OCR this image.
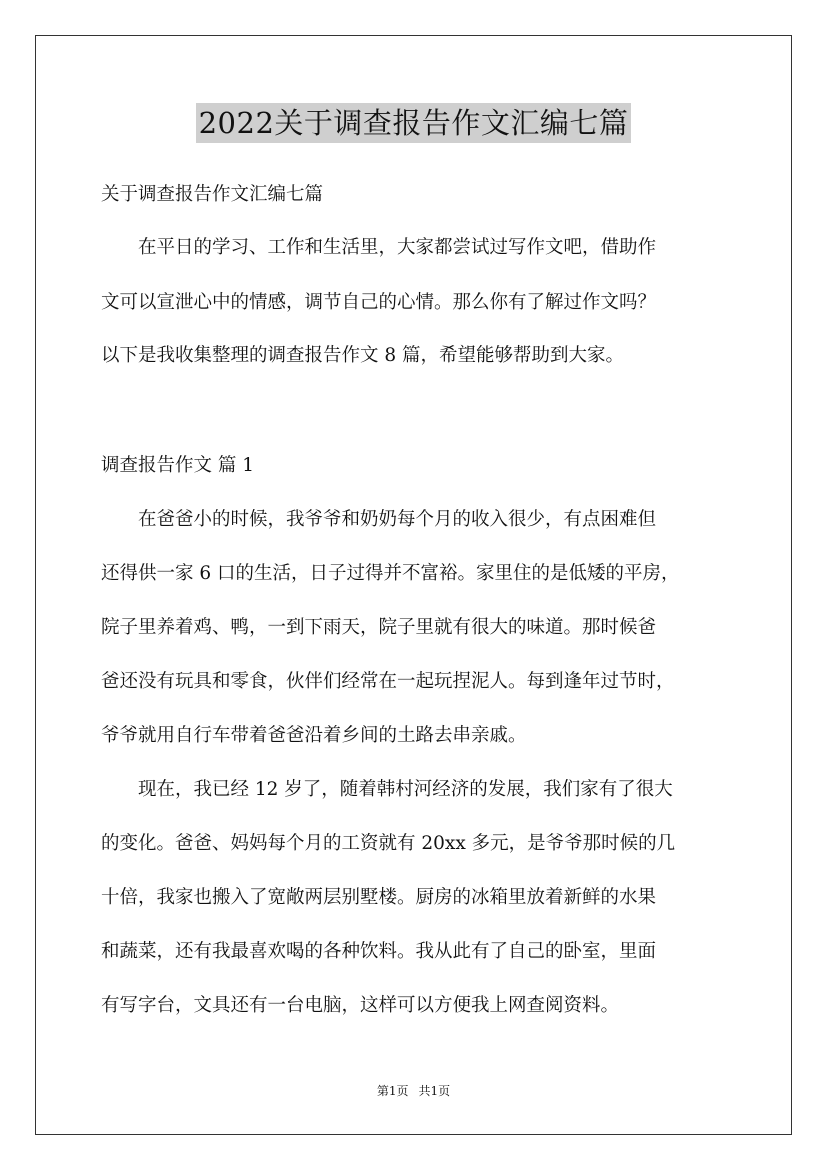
2022关于调查报告作文汇编七篇
关于调查报告作文汇编七篇
　　在平日的学习、工作和生活里，大家都尝试过写作文吧，借助作
文可以宣泄心中的情感，调节自己的心情。那么你有了解过作文吗？
以下是我收集整理的调查报告作文 8 篇，希望能够帮助到大家。
调查报告作文 篇 1
　　在爸爸小的时候，我爷爷和奶奶每个月的收入很少，有点困难但
还得供一家 6 口的生活，日子过得并不富裕。家里住的是低矮的平房，
院子里养着鸡、鸭，一到下雨天，院子里就有很大的味道。那时候爸
爸还没有玩具和零食，伙伴们经常在一起玩捏泥人。每到逢年过节时，
爷爷就用自行车带着爸爸沿着乡间的土路去串亲戚。
　　现在，我已经 12 岁了，随着韩村河经济的发展，我们家有了很大
的变化。爸爸、妈妈每个月的工资就有 20xx 多元，是爷爷那时候的几
十倍，我家也搬入了宽敞两层别墅楼。厨房的冰箱里放着新鲜的水果
和蔬菜，还有我最喜欢喝的各种饮料。我从此有了自己的卧室，里面
有写字台，文具还有一台电脑，这样可以方便我上网查阅资料。
第1页 共1页
